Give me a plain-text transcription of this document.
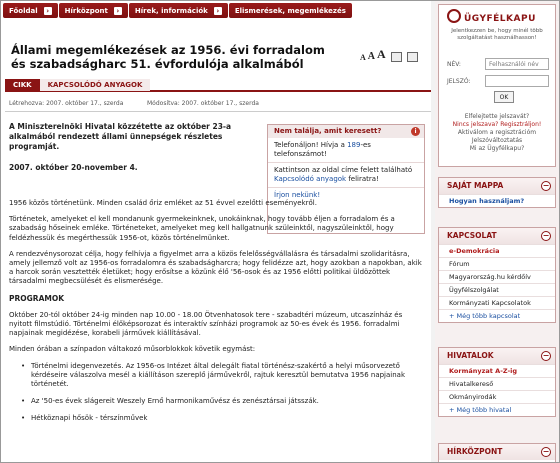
Főoldal	›	Hírközpont	›	Hírek, információk	›	Elismerések, megemlékezés
Állami megemlékezések az 1956. évi forradalom és szabadságharc 51. évfordulója alkalmából	A A A
CIKK	KAPCSOLÓDÓ ANYAGOK
Létrehozva: 2007. október 17., szerda	Módosítva: 2007. október 17., szerda
A Miniszterelnöki Hivatal közzétette az október 23-a alkalmából rendezett állami ünnepségek részletes programját.
2007. október 20-november 4.
Nem találja, amit keresett?	i
Telefonáljon! Hívja a 189-es telefonszámot!
Kattintson az oldal címe felett található Kapcsolódó anyagok feliratra!
Írjon nekünk!

1956 közös történetünk. Minden család őriz emléket az 51 évvel ezelőtti eseményekről.

Történetek, amelyeket el kell mondanunk gyermekeinknek, unokáinknak, hogy tovább éljen a forradalom és a szabadság hőseinek emléke. Történeteket, amelyeket meg kell hallgatnunk szüleinktől, nagyszüleinktől, hogy feldézhessük és megérthessük 1956-ot, közös történelmünket.

A rendezvénysorozat célja, hogy felhívja a figyelmet arra a közös felelősségvállalásra és társadalmi szolidaritásra, amely jellemző volt az 1956-os forradalomra és szabadságharcra; hogy felidézze azt, hogy azokban a napokban, akik a harcok során vesztették életüket; hogy erősítse a közünk élő '56-osok és az 1956 előtti politikai üldözöttek társadalmi megbecsülését és elismerésége.

PROGRAMOK

Október 20-tól október 24-ig minden nap 10.00 - 18.00 Ötvenhatosok tere - szabadtéri múzeum, utcaszínház és nyitott filmstúdió. Történelmi élőképsorozat és interaktív színházi programok az 50-es évek és 1956. forradalmi napjainak megidézése, korabeli járművek kiállításával.

Minden órában a színpadon váltakozó műsorblokkok követik egymást:

• Történelmi idegenvezetés. Az 1956-os Intézet által delegált fiatal történész-szakértő a helyi műsorvezető kérdéseire válaszolva mesél a kiállításon szereplő járművekről, rajtuk keresztül bemutatva 1956 napjainak történetét.
• Az '50-es évek slágereit Weszely Ernő harmonikaművész és zenésztársai játsszák.
• Hétköznapi hősök - térszínművek
ÜGYFÉLKAPU
Jelentkezzen be, hogy minél több szolgáltatást használhasson!
NÉV:	Felhasználói név
JELSZÓ:
OK
Elfelejtette jelszavát?
Nincs jelszava? Regisztráljon!
Aktiválom a regisztrációm
Jelszóváltoztatás
Mi az Ügyfélkapu?
SAJÁT MAPPA	−
Hogyan használjam?
KAPCSOLAT	−
e-Demokrácia
Fórum
Magyarország.hu kérdőív
Ügyfélszolgálat
Kormányzati Kapcsolatok
+ Még több kapcsolat
HIVATALOK	−
Kormányzat A-Z-ig
Hivatalkereső
Okmányirodák
+ Még több hivatal
HÍRKÖZPONT	−
